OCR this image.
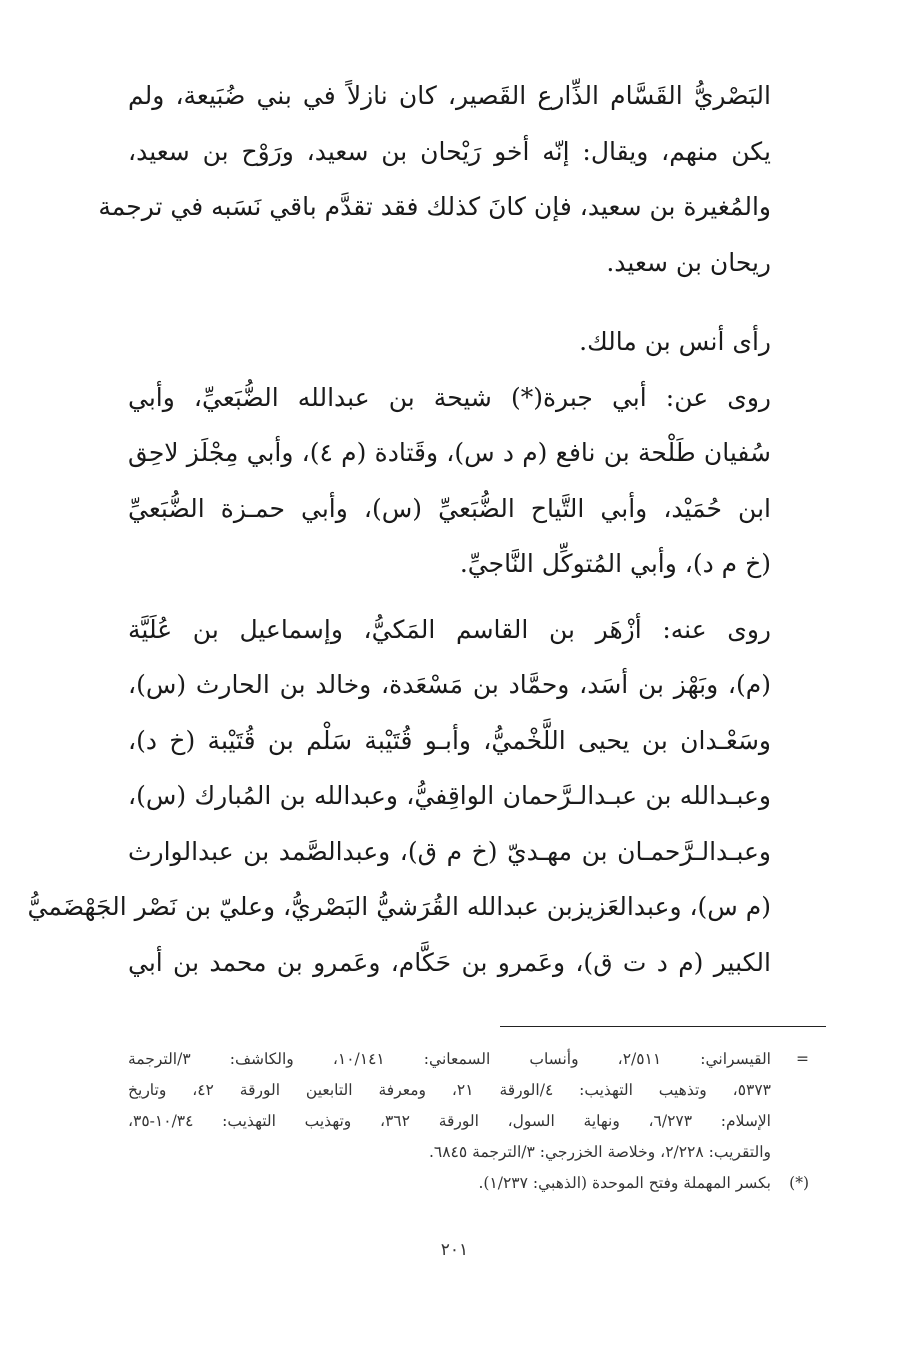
البَصْريُّ القَسَّام الذِّارع القَصير، كان نازلاً في بني ضُبَيعة، ولم
يكن منهم، ويقال: إنّه أخو رَيْحان بن سعيد، ورَوْح بن سعيد،
والمُغيرة بن سعيد، فإن كانَ كذلك فقد تقدَّم باقي نَسَبه في ترجمة
ريحان بن سعيد.
رأى أنس بن مالك.
روى عن: أبي جبرة(*) شيحة بن عبدالله الضُّبَعيِّ، وأبي
سُفيان طَلْحة بن نافع (م د س)، وقَتادة (م ٤)، وأبي مِجْلَز لاحِق
ابن حُمَيْد، وأبي التَّياح الضُّبَعيِّ (س)، وأبي حمـزة الضُّبَعيِّ
(خ م د)، وأبي المُتوكِّل النَّاجيِّ.
روى عنه: أزْهَر بن القاسم المَكيُّ، وإسماعيل بن عُلَيَّة
(م)، وبَهْز بن أسَد، وحمَّاد بن مَسْعَدة، وخالد بن الحارث (س)،
وسَعْـدان بن يحيى اللَّخْميُّ، وأبـو قُتَيْبة سَلْم بن قُتَيْبة (خ د)،
وعبـدالله بن عبـدالـرَّحمان الواقِفيُّ، وعبدالله بن المُبارك (س)،
وعبـدالـرَّحمـان بن مهـديّ (خ م ق)، وعبدالصَّمد بن عبدالوارث
(م س)، وعبدالعَزيزبن عبدالله القُرَشيُّ البَصْريُّ، وعليّ بن نَصْر الجَهْضَميُّ
الكبير (م د ت ق)، وعَمرو بن حَكَّام، وعَمرو بن محمد بن أبي
=
القيسراني: ٢/٥١١، وأنساب السمعاني: ١٠/١٤١، والكاشف: ٣/الترجمة
٥٣٧٣، وتذهيب التهذيب: ٤/الورقة ٢١، ومعرفة التابعين الورقة ٤٢، وتاريخ
الإسلام: ٦/٢٧٣، ونهاية السول، الورقة ٣٦٢، وتهذيب التهذيب: ١٠/٣٤-٣٥،
والتقريب: ٢/٢٢٨، وخلاصة الخزرجي: ٣/الترجمة ٦٨٤٥.
(*)
بكسر المهملة وفتح الموحدة (الذهبي: ١/٢٣٧).
٢٠١
